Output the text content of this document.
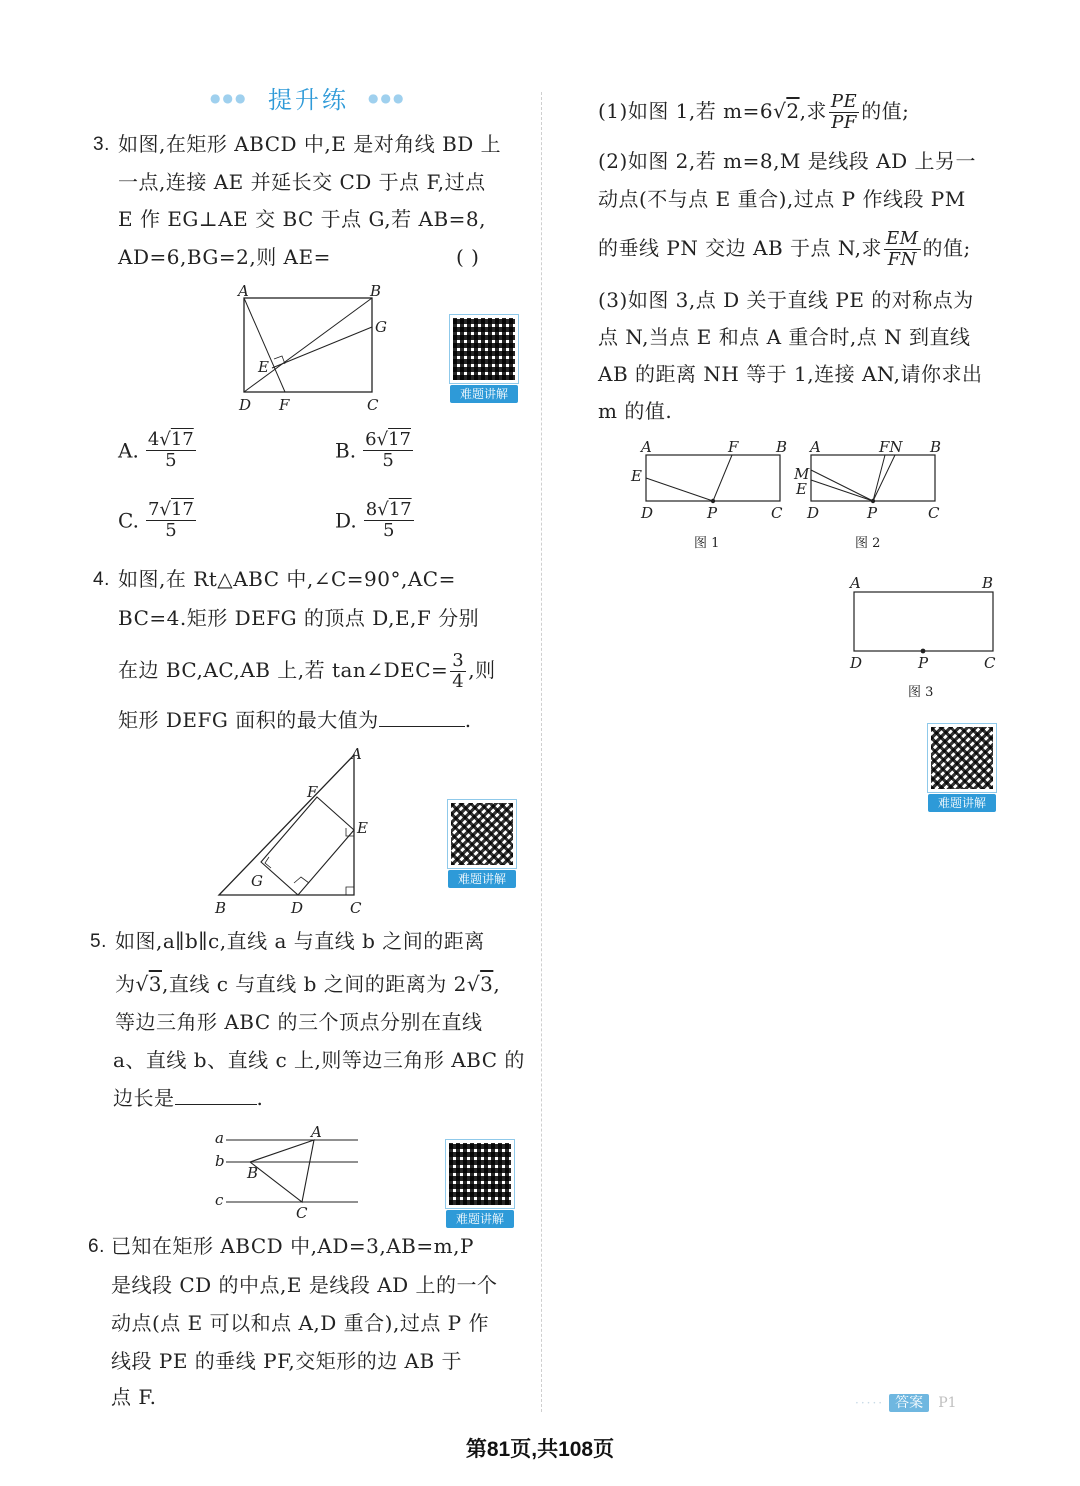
●●● 提升练 ●●●
3. 如图,在矩形 ABCD 中,E 是对角线 BD 上
一点,连接 AE 并延长交 CD 于点 F,过点
E 作 EG⊥AE 交 BC 于点 G,若 AB=8,
AD=6,BG=2,则 AE=	( )
A	B
G
E
D F	C
难题讲解
A. $\frac{4√17}{5}$	B. $\frac{6√17}{5}$
C. $\frac{7√17}{5}$	D. $\frac{8√17}{5}$
4. 如图,在 Rt△ABC 中,∠C=90°,AC=
BC=4.矩形 DEFG 的顶点 D,E,F 分别
在边 BC,AC,AB 上,若 tan∠DEC= $\frac{3}{4}$ ,则
矩形 DEFG 面积的最大值为	.
A
F
E
G
B	D	C
难题讲解
5. 如图,a∥b∥c,直线 a 与直线 b 之间的距离
为√3,直线 c 与直线 b 之间的距离为 2√3,
等边三角形 ABC 的三个顶点分别在直线
a、直线 b、直线 c 上,则等边三角形 ABC 的
边长是	.
a
b
c
A
B
C	难题讲解
6. 已知在矩形 ABCD 中,AD=3,AB=m,P
是线段 CD 的中点,E 是线段 AD 上的一个
动点(点 E 可以和点 A,D 重合),过点 P 作
线段 PE 的垂线 PF,交矩形的边 AB 于
点 F.
(1)如图 1,若 m=6√2,求 $\frac{PE}{PF}$ 的值;
(2)如图 2,若 m=8,M 是线段 AD 上另一
动点(不与点 E 重合),过点 P 作线段 PM
的垂线 PN 交边 AB 于点 N,求 $\frac{EM}{FN}$ 的值;
(3)如图 3,点 D 关于直线 PE 的对称点为
点 N,当点 E 和点 A 重合时,点 N 到直线
AB 的距离 NH 等于 1,连接 AN,请你求出
m 的值.
A	F	B
E
D	P	C
图 1
A	FN B
M
E
D	P	C
图 2
A	B
D	P	C
图 3
难题讲解
····· 答案 P1
第81页,共108页
